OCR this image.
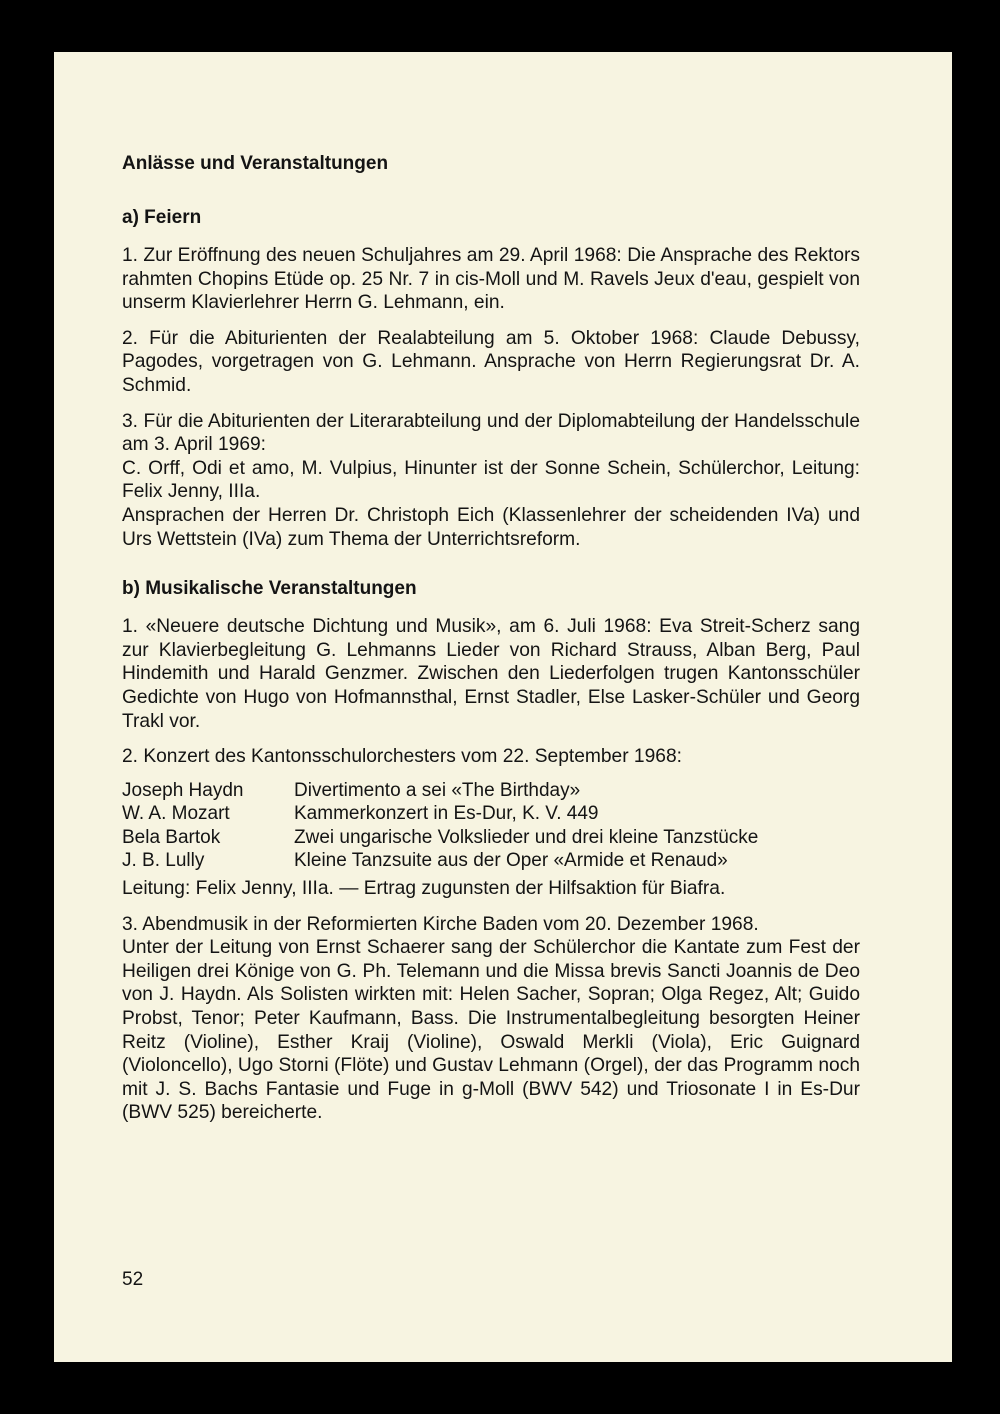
Anlässe und Veranstaltungen
a) Feiern

1. Zur Eröffnung des neuen Schuljahres am 29. April 1968: Die Ansprache des Rektors rahmten Chopins Etüde op. 25 Nr. 7 in cis-Moll und M. Ravels Jeux d'eau, gespielt von unserm Klavierlehrer Herrn G. Lehmann, ein.

2. Für die Abiturienten der Realabteilung am 5. Oktober 1968: Claude Debussy, Pagodes, vorgetragen von G. Lehmann. Ansprache von Herrn Regierungsrat Dr. A. Schmid.

3. Für die Abiturienten der Literarabteilung und der Diplomabteilung der Handelsschule am 3. April 1969:

C. Orff, Odi et amo, M. Vulpius, Hinunter ist der Sonne Schein, Schülerchor, Leitung: Felix Jenny, IIIa.

Ansprachen der Herren Dr. Christoph Eich (Klassenlehrer der scheidenden IVa) und Urs Wettstein (IVa) zum Thema der Unterrichtsreform.

b) Musikalische Veranstaltungen

1. «Neuere deutsche Dichtung und Musik», am 6. Juli 1968: Eva Streit-Scherz sang zur Klavierbegleitung G. Lehmanns Lieder von Richard Strauss, Alban Berg, Paul Hindemith und Harald Genzmer. Zwischen den Liederfolgen trugen Kantonsschüler Gedichte von Hugo von Hofmannsthal, Ernst Stadler, Else Lasker-Schüler und Georg Trakl vor.

2. Konzert des Kantonsschulorchesters vom 22. September 1968:

Joseph Haydn	Divertimento a sei «The Birthday»
W. A. Mozart	Kammerkonzert in Es-Dur, K. V. 449
Bela Bartok	Zwei ungarische Volkslieder und drei kleine Tanzstücke
J. B. Lully	Kleine Tanzsuite aus der Oper «Armide et Renaud»

Leitung: Felix Jenny, IIIa. — Ertrag zugunsten der Hilfsaktion für Biafra.

3. Abendmusik in der Reformierten Kirche Baden vom 20. Dezember 1968.

Unter der Leitung von Ernst Schaerer sang der Schülerchor die Kantate zum Fest der Heiligen drei Könige von G. Ph. Telemann und die Missa brevis Sancti Joannis de Deo von J. Haydn. Als Solisten wirkten mit: Helen Sacher, Sopran; Olga Regez, Alt; Guido Probst, Tenor; Peter Kaufmann, Bass. Die Instrumentalbegleitung besorgten Heiner Reitz (Violine), Esther Kraij (Violine), Oswald Merkli (Viola), Eric Guignard (Violoncello), Ugo Storni (Flöte) und Gustav Lehmann (Orgel), der das Programm noch mit J. S. Bachs Fantasie und Fuge in g-Moll (BWV 542) und Triosonate I in Es-Dur (BWV 525) bereicherte.

52
